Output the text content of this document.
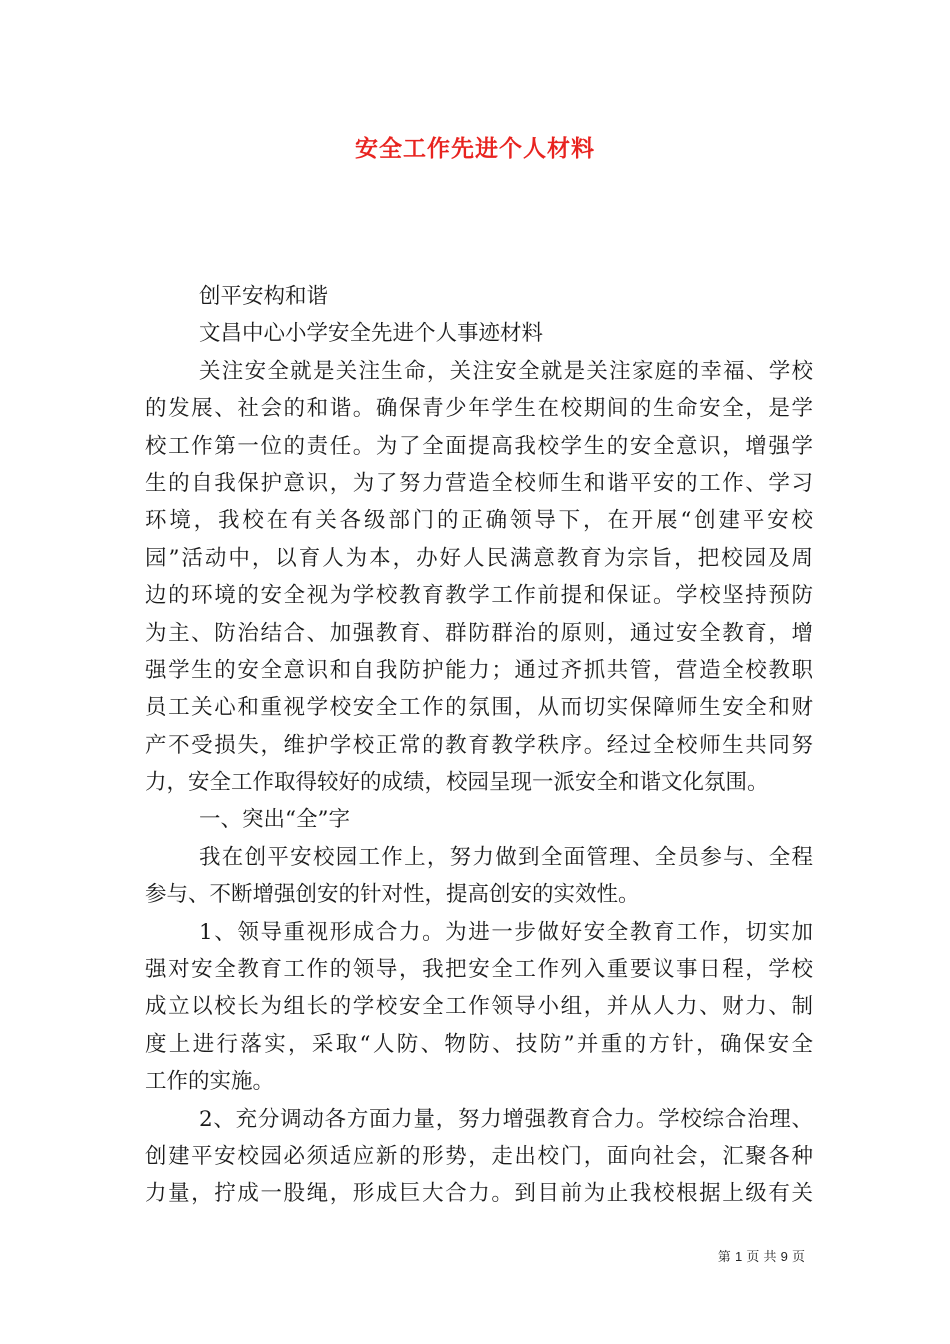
安全工作先进个人材料
创平安构和谐
文昌中心小学安全先进个人事迹材料
关注安全就是关注生命，关注安全就是关注家庭的幸福、学校
的发展、社会的和谐。确保青少年学生在校期间的生命安全，是学
校工作第一位的责任。为了全面提高我校学生的安全意识，增强学
生的自我保护意识，为了努力营造全校师生和谐平安的工作、学习
环境，我校在有关各级部门的正确领导下，在开展“创建平安校
园”活动中，以育人为本，办好人民满意教育为宗旨，把校园及周
边的环境的安全视为学校教育教学工作前提和保证。学校坚持预防
为主、防治结合、加强教育、群防群治的原则，通过安全教育，增
强学生的安全意识和自我防护能力；通过齐抓共管，营造全校教职
员工关心和重视学校安全工作的氛围，从而切实保障师生安全和财
产不受损失，维护学校正常的教育教学秩序。经过全校师生共同努
力，安全工作取得较好的成绩，校园呈现一派安全和谐文化氛围。
一、突出“全”字
我在创平安校园工作上，努力做到全面管理、全员参与、全程
参与、不断增强创安的针对性，提高创安的实效性。
1、领导重视形成合力。为进一步做好安全教育工作，切实加
强对安全教育工作的领导，我把安全工作列入重要议事日程，学校
成立以校长为组长的学校安全工作领导小组，并从人力、财力、制
度上进行落实，采取“人防、物防、技防”并重的方针，确保安全
工作的实施。
2、充分调动各方面力量，努力增强教育合力。学校综合治理、
创建平安校园必须适应新的形势，走出校门，面向社会，汇聚各种
力量，拧成一股绳，形成巨大合力。到目前为止我校根据上级有关
第 1 页 共 9 页
